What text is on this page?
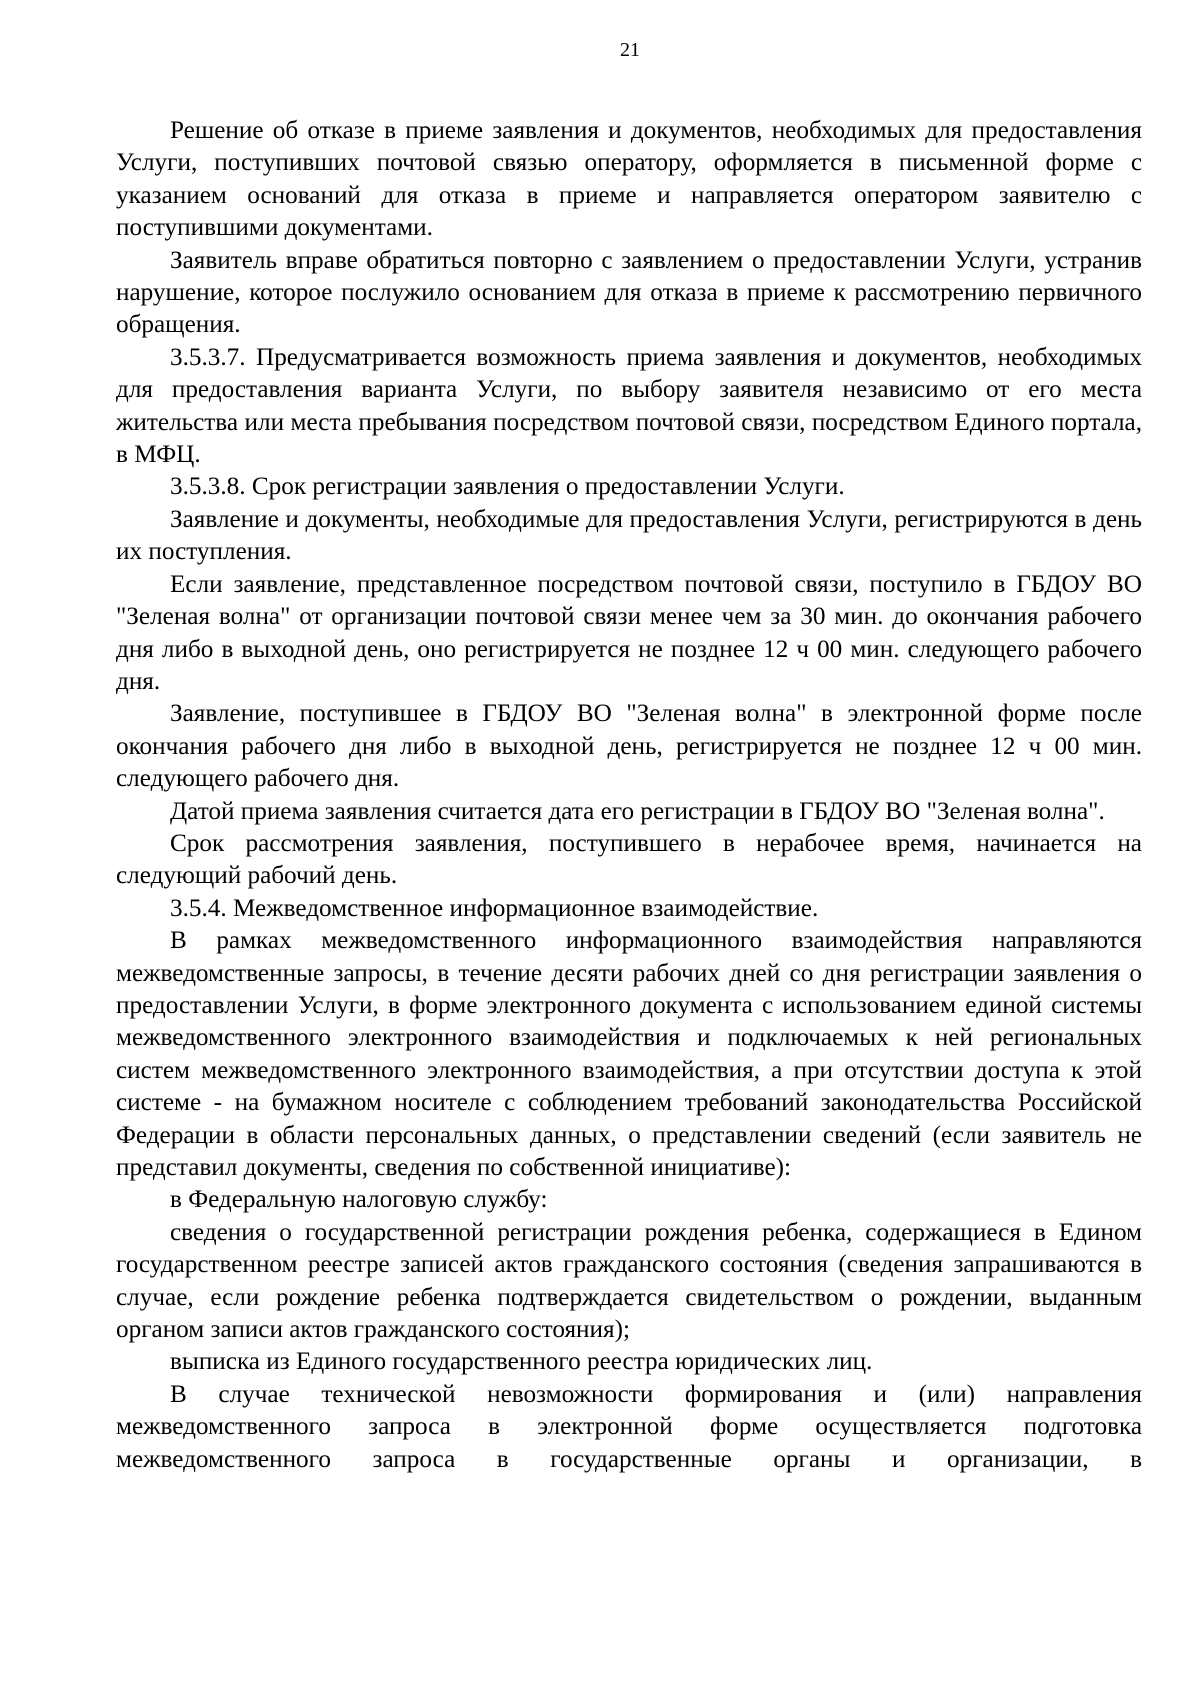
21

Решение об отказе в приеме заявления и документов, необходимых для предоставления Услуги, поступивших почтовой связью оператору, оформляется в письменной форме с указанием оснований для отказа в приеме и направляется оператором заявителю с поступившими документами.

Заявитель вправе обратиться повторно с заявлением о предоставлении Услуги, устранив нарушение, которое послужило основанием для отказа в приеме к рассмотрению первичного обращения.

3.5.3.7. Предусматривается возможность приема заявления и документов, необходимых для предоставления варианта Услуги, по выбору заявителя независимо от его места жительства или места пребывания посредством почтовой связи, посредством Единого портала, в МФЦ.

3.5.3.8. Срок регистрации заявления о предоставлении Услуги.

Заявление и документы, необходимые для предоставления Услуги, регистрируются в день их поступления.

Если заявление, представленное посредством почтовой связи, поступило в ГБДОУ ВО "Зеленая волна" от организации почтовой связи менее чем за 30 мин. до окончания рабочего дня либо в выходной день, оно регистрируется не позднее 12 ч 00 мин. следующего рабочего дня.

Заявление, поступившее в ГБДОУ ВО "Зеленая волна" в электронной форме после окончания рабочего дня либо в выходной день, регистрируется не позднее 12 ч 00 мин. следующего рабочего дня.

Датой приема заявления считается дата его регистрации в ГБДОУ ВО "Зеленая волна".

Срок рассмотрения заявления, поступившего в нерабочее время, начинается на следующий рабочий день.

3.5.4. Межведомственное информационное взаимодействие.

В рамках межведомственного информационного взаимодействия направляются межведомственные запросы, в течение десяти рабочих дней со дня регистрации заявления о предоставлении Услуги, в форме электронного документа с использованием единой системы межведомственного электронного взаимодействия и подключаемых к ней региональных систем межведомственного электронного взаимодействия, а при отсутствии доступа к этой системе - на бумажном носителе с соблюдением требований законодательства Российской Федерации в области персональных данных, о представлении сведений (если заявитель не представил документы, сведения по собственной инициативе):

в Федеральную налоговую службу:

сведения о государственной регистрации рождения ребенка, содержащиеся в Едином государственном реестре записей актов гражданского состояния (сведения запрашиваются в случае, если рождение ребенка подтверждается свидетельством о рождении, выданным органом записи актов гражданского состояния);

выписка из Единого государственного реестра юридических лиц.

В случае технической невозможности формирования и (или) направления межведомственного запроса в электронной форме осуществляется подготовка межведомственного запроса в государственные органы и организации, в
